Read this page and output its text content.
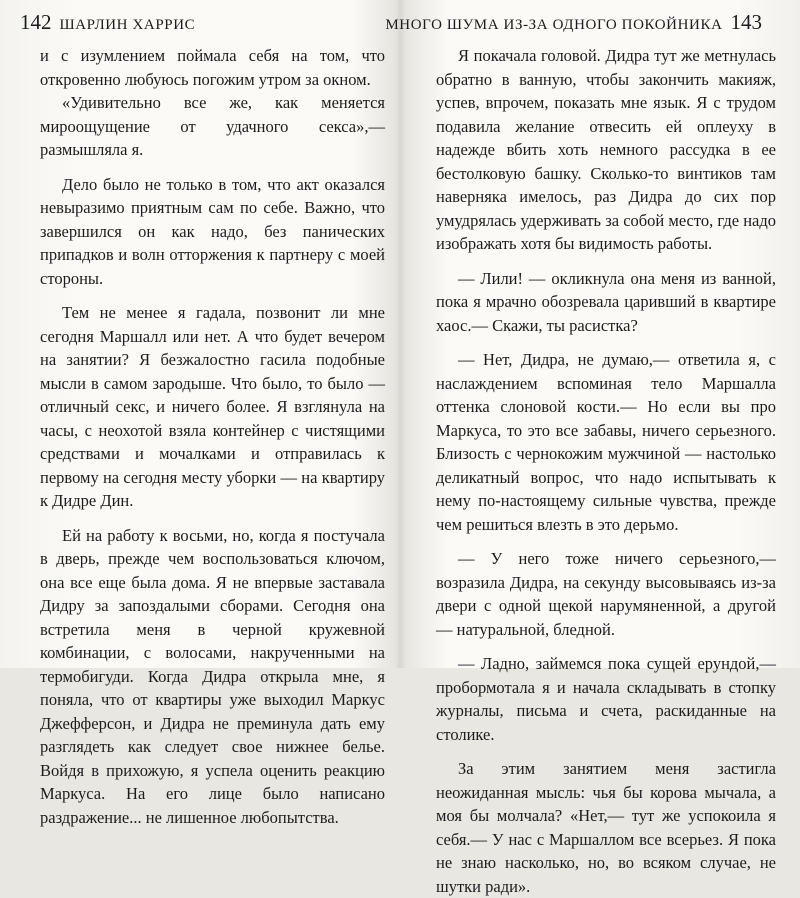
142 ШАРЛИН ХАРРИС

и с изумлением поймала себя на том, что откровенно любуюсь погожим утром за окном.

«Удивительно все же, как меняется мироощущение от удачного секса»,— размышляла я.

Дело было не только в том, что акт оказался невыразимо приятным сам по себе. Важно, что завершился он как надо, без панических припадков и волн отторжения к партнеру с моей стороны.

Тем не менее я гадала, позвонит ли мне сегодня Маршалл или нет. А что будет вечером на занятии? Я безжалостно гасила подобные мысли в самом зародыше. Что было, то было — отличный секс, и ничего более. Я взглянула на часы, с неохотой взяла контейнер с чистящими средствами и мочалками и отправилась к первому на сегодня месту уборки — на квартиру к Дидре Дин.

Ей на работу к восьми, но, когда я постучала в дверь, прежде чем воспользоваться ключом, она все еще была дома. Я не впервые заставала Дидру за запоздалыми сборами. Сегодня она встретила меня в черной кружевной комбинации, с волосами, накрученными на термобигуди. Когда Дидра открыла мне, я поняла, что от квартиры уже выходил Маркус Джефферсон, и Дидра не преминула дать ему разглядеть как следует свое нижнее белье. Войдя в прихожую, я успела оценить реакцию Маркуса. На его лице было написано раздражение... не лишенное любопытства.

МНОГО ШУМА ИЗ-ЗА ОДНОГО ПОКОЙНИКА 143

Я покачала головой. Дидра тут же метнулась обратно в ванную, чтобы закончить макияж, успев, впрочем, показать мне язык. Я с трудом подавила желание отвесить ей оплеуху в надежде вбить хоть немного рассудка в ее бестолковую башку. Сколько-то винтиков там наверняка имелось, раз Дидра до сих пор умудрялась удерживать за собой место, где надо изображать хотя бы видимость работы.

— Лили! — окликнула она меня из ванной, пока я мрачно обозревала царивший в квартире хаос.— Скажи, ты расистка?

— Нет, Дидра, не думаю,— ответила я, с наслаждением вспоминая тело Маршалла оттенка слоновой кости.— Но если вы про Маркуса, то это все забавы, ничего серьезного. Близость с чернокожим мужчиной — настолько деликатный вопрос, что надо испытывать к нему по-настоящему сильные чувства, прежде чем решиться влезть в это дерьмо.

— У него тоже ничего серьезного,— возразила Дидра, на секунду высовываясь из-за двери с одной щекой нарумяненной, а другой — натуральной, бледной.

— Ладно, займемся пока сущей ерундой,— пробормотала я и начала складывать в стопку журналы, письма и счета, раскиданные на столике.

За этим занятием меня застигла неожиданная мысль: чья бы корова мычала, а моя бы молчала? «Нет,— тут же успокоила я себя.— У нас с Маршаллом все всерьез. Я пока не знаю насколько, но, во всяком случае, не шутки ради».
